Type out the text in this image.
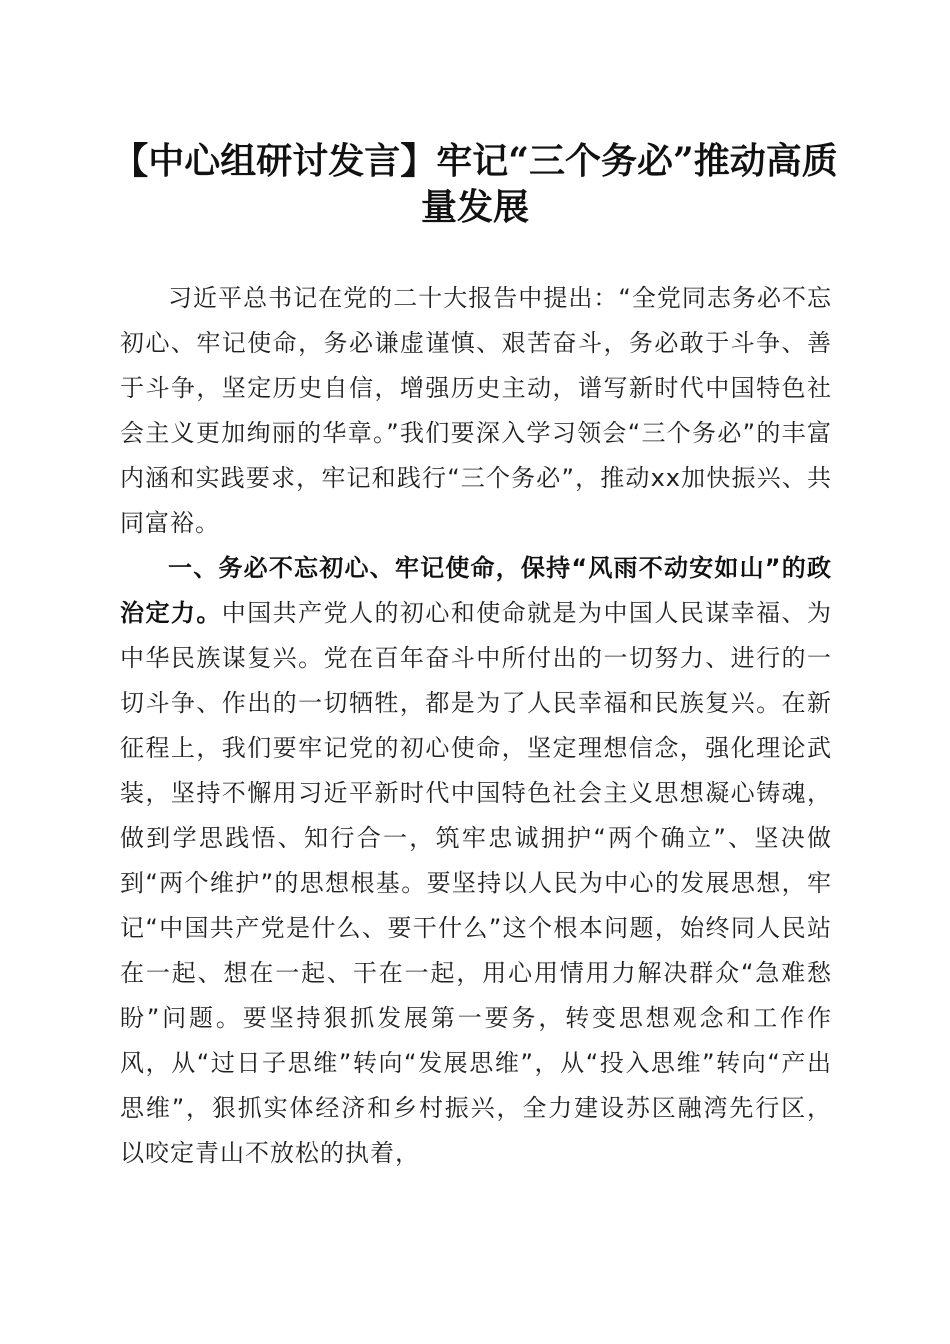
【中心组研讨发言】牢记“三个务必”推动高质量发展

习近平总书记在党的二十大报告中提出：“全党同志务必不忘初心、牢记使命，务必谦虚谨慎、艰苦奋斗，务必敢于斗争、善于斗争，坚定历史自信，增强历史主动，谱写新时代中国特色社会主义更加绚丽的华章。”我们要深入学习领会“三个务必”的丰富内涵和实践要求，牢记和践行“三个务必”，推动xx加快振兴、共同富裕。

一、务必不忘初心、牢记使命，保持“风雨不动安如山”的政治定力。中国共产党人的初心和使命就是为中国人民谋幸福、为中华民族谋复兴。党在百年奋斗中所付出的一切努力、进行的一切斗争、作出的一切牺牲，都是为了人民幸福和民族复兴。在新征程上，我们要牢记党的初心使命，坚定理想信念，强化理论武装，坚持不懈用习近平新时代中国特色社会主义思想凝心铸魂，做到学思践悟、知行合一，筑牢忠诚拥护“两个确立”、坚决做到“两个维护”的思想根基。要坚持以人民为中心的发展思想，牢记“中国共产党是什么、要干什么”这个根本问题，始终同人民站在一起、想在一起、干在一起，用心用情用力解决群众“急难愁盼”问题。要坚持狠抓发展第一要务，转变思想观念和工作作风，从“过日子思维”转向“发展思维”，从“投入思维”转向“产出思维”，狠抓实体经济和乡村振兴，全力建设苏区融湾先行区，以咬定青山不放松的执着，
